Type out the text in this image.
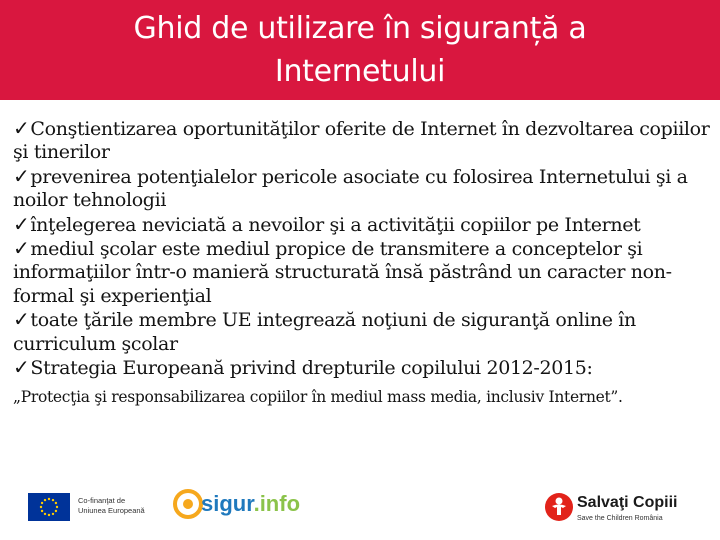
Ghid de utilizare în siguranță a
Internetului

✓Conştientizarea oportunităţilor oferite de Internet în dezvoltarea copiilor şi tinerilor

✓prevenirea potenţialelor pericole asociate cu folosirea Internetului şi a noilor tehnologii

✓înţelegerea neviciată a nevoilor şi a activităţii copiilor pe Internet

✓mediul şcolar este mediul propice de transmitere a conceptelor şi informaţiilor într-o manieră structurată însă păstrând un caracter non-formal şi experienţial

✓toate ţările membre UE integrează noţiuni de siguranţă online în curriculum şcolar

✓Strategia Europeană privind drepturile copilului 2012-2015:

„Protecţia şi responsabilizarea copiilor în mediul mass media, inclusiv Internet”.

Co-finanţat de
Uniunea Europeană	sigur.info	Salvaţi Copiii
Save the Children România
